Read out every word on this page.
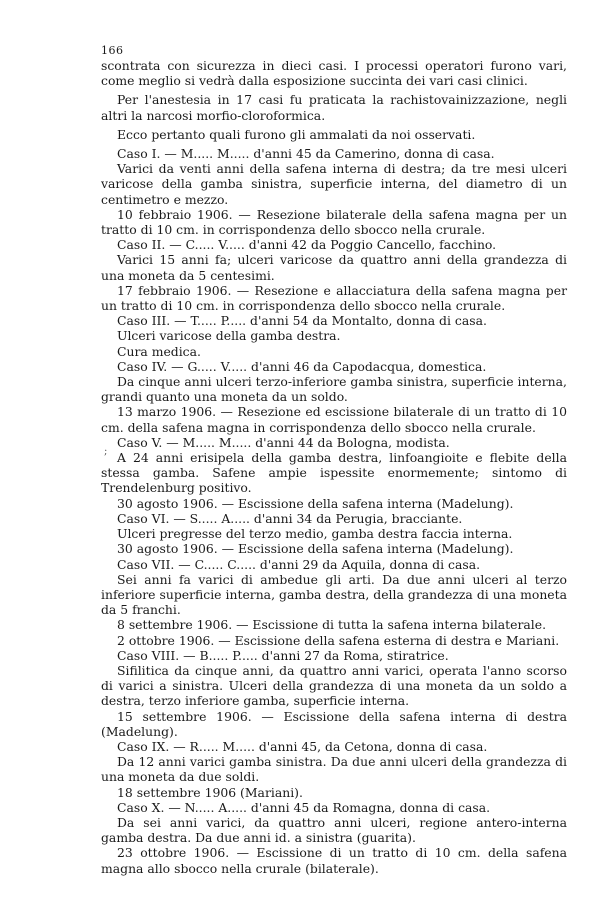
166
;

scontrata con sicurezza in dieci casi. I processi operatori furono vari, come meglio si vedrà dalla esposizione succinta dei vari casi clinici.

Per l'anestesia in 17 casi fu praticata la rachistovainizzazione, negli altri la narcosi morfio-cloroformica.

Ecco pertanto quali furono gli ammalati da noi osservati.

Caso I. — M..... M..... d'anni 45 da Camerino, donna di casa.

Varici da venti anni della safena interna di destra; da tre mesi ulceri varicose della gamba sinistra, superficie interna, del diametro di un centimetro e mezzo.

10 febbraio 1906. — Resezione bilaterale della safena magna per un tratto di 10 cm. in corrispondenza dello sbocco nella crurale.

Caso II. — C..... V..... d'anni 42 da Poggio Cancello, facchino.

Varici 15 anni fa; ulceri varicose da quattro anni della grandezza di una moneta da 5 centesimi.

17 febbraio 1906. — Resezione e allacciatura della safena magna per un tratto di 10 cm. in corrispondenza dello sbocco nella crurale.

Caso III. — T..... P..... d'anni 54 da Montalto, donna di casa.

Ulceri varicose della gamba destra.

Cura medica.

Caso IV. — G..... V..... d'anni 46 da Capodacqua, domestica.

Da cinque anni ulceri terzo-inferiore gamba sinistra, superficie interna, grandi quanto una moneta da un soldo.

13 marzo 1906. — Resezione ed escissione bilaterale di un tratto di 10 cm. della safena magna in corrispondenza dello sbocco nella crurale.

Caso V. — M..... M..... d'anni 44 da Bologna, modista.

A 24 anni erisipela della gamba destra, linfoangioite e flebite della stessa gamba. Safene ampie ispessite enormemente; sintomo di Trendelenburg positivo.

30 agosto 1906. — Escissione della safena interna (Madelung).

Caso VI. — S..... A..... d'anni 34 da Perugia, bracciante.

Ulceri pregresse del terzo medio, gamba destra faccia interna.

30 agosto 1906. — Escissione della safena interna (Madelung).

Caso VII. — C..... C..... d'anni 29 da Aquila, donna di casa.

Sei anni fa varici di ambedue gli arti. Da due anni ulceri al terzo inferiore superficie interna, gamba destra, della grandezza di una moneta da 5 franchi.

8 settembre 1906. — Escissione di tutta la safena interna bilaterale.

2 ottobre 1906. — Escissione della safena esterna di destra e Mariani.

Caso VIII. — B..... P..... d'anni 27 da Roma, stiratrice.

Sifilitica da cinque anni, da quattro anni varici, operata l'anno scorso di varici a sinistra. Ulceri della grandezza di una moneta da un soldo a destra, terzo inferiore gamba, superficie interna.

15 settembre 1906. — Escissione della safena interna di destra (Madelung).

Caso IX. — R..... M..... d'anni 45, da Cetona, donna di casa.

Da 12 anni varici gamba sinistra. Da due anni ulceri della grandezza di una moneta da due soldi.

18 settembre 1906 (Mariani).

Caso X. — N..... A..... d'anni 45 da Romagna, donna di casa.

Da sei anni varici, da quattro anni ulceri, regione antero-interna gamba destra. Da due anni id. a sinistra (guarita).

23 ottobre 1906. — Escissione di un tratto di 10 cm. della safena magna allo sbocco nella crurale (bilaterale).
